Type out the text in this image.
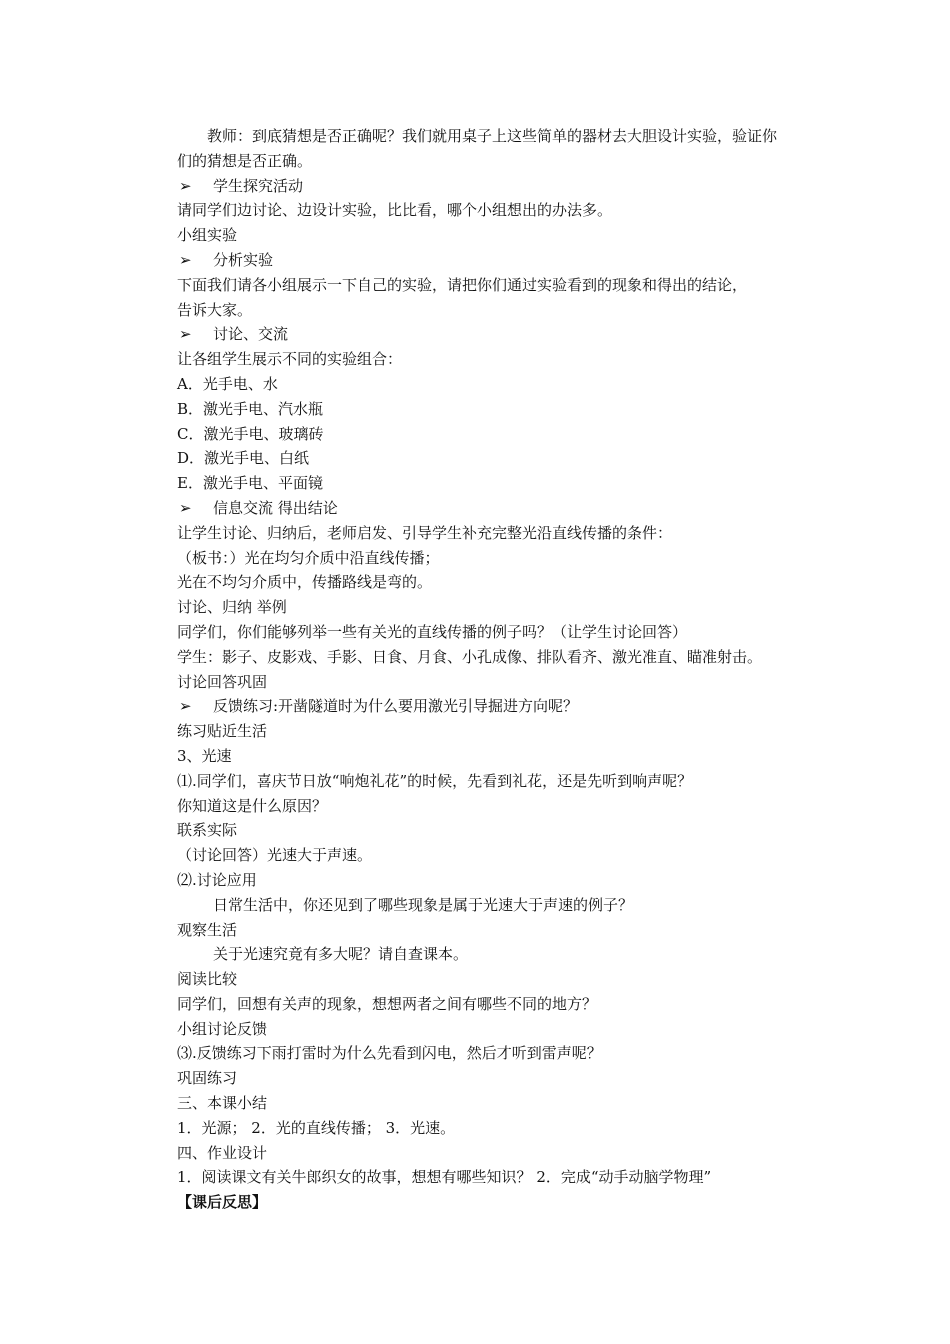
教师：到底猜想是否正确呢？我们就用桌子上这些简单的器材去大胆设计实验，验证你
们的猜想是否正确。
➢ 学生探究活动
请同学们边讨论、边设计实验，比比看，哪个小组想出的办法多。
小组实验
➢ 分析实验
下面我们请各小组展示一下自己的实验，请把你们通过实验看到的现象和得出的结论，
告诉大家。
➢ 讨论、交流
让各组学生展示不同的实验组合：
A．光手电、水
B．激光手电、汽水瓶
C．激光手电、玻璃砖
D．激光手电、白纸
E．激光手电、平面镜
➢ 信息交流 得出结论
让学生讨论、归纳后，老师启发、引导学生补充完整光沿直线传播的条件：
（板书：）光在均匀介质中沿直线传播；
光在不均匀介质中，传播路线是弯的。
讨论、归纳 举例
同学们，你们能够列举一些有关光的直线传播的例子吗？（让学生讨论回答）
学生：影子、皮影戏、手影、日食、月食、小孔成像、排队看齐、激光准直、瞄准射击。
讨论回答巩固
➢ 反馈练习:开凿隧道时为什么要用激光引导掘进方向呢？
练习贴近生活
3、光速
⑴.同学们，喜庆节日放“响炮礼花”的时候，先看到礼花，还是先听到响声呢？
你知道这是什么原因？
联系实际
（讨论回答）光速大于声速。
⑵.讨论应用
日常生活中，你还见到了哪些现象是属于光速大于声速的例子？
观察生活
关于光速究竟有多大呢？请自查课本。
阅读比较
同学们，回想有关声的现象，想想两者之间有哪些不同的地方？
小组讨论反馈
⑶.反馈练习下雨打雷时为什么先看到闪电，然后才听到雷声呢？
巩固练习
三、本课小结
1．光源； 2．光的直线传播； 3．光速。
四、作业设计
1．阅读课文有关牛郎织女的故事，想想有哪些知识？ 2．完成“动手动脑学物理”
【课后反思】
